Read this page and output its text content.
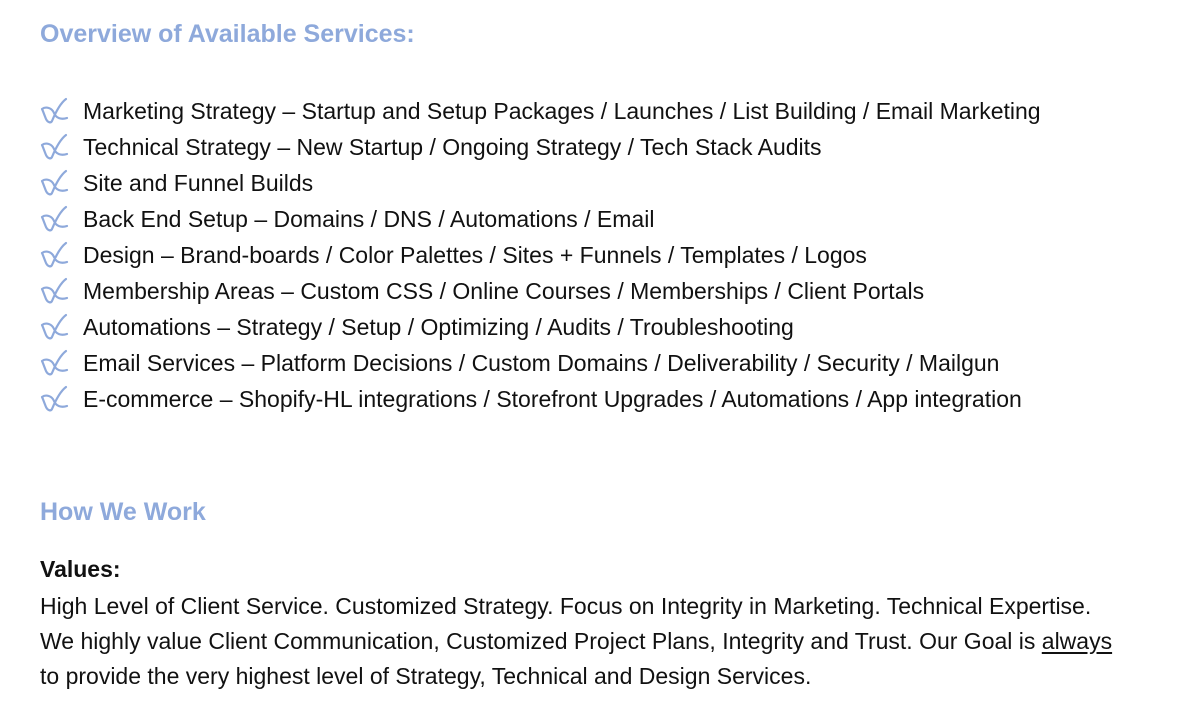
Overview of Available Services:
Marketing Strategy – Startup and Setup Packages / Launches / List Building / Email Marketing
Technical Strategy – New Startup / Ongoing Strategy / Tech Stack Audits
Site and Funnel Builds
Back End Setup – Domains / DNS / Automations / Email
Design – Brand-boards / Color Palettes / Sites + Funnels / Templates / Logos
Membership Areas – Custom CSS / Online Courses / Memberships / Client Portals
Automations – Strategy / Setup / Optimizing / Audits / Troubleshooting
Email Services – Platform Decisions / Custom Domains / Deliverability / Security / Mailgun
E-commerce – Shopify-HL integrations / Storefront Upgrades / Automations / App integration
How We Work

Values:

High Level of Client Service. Customized Strategy. Focus on Integrity in Marketing. Technical Expertise.
We highly value Client Communication, Customized Project Plans, Integrity and Trust. Our Goal is always
to provide the very highest level of Strategy, Technical and Design Services.
